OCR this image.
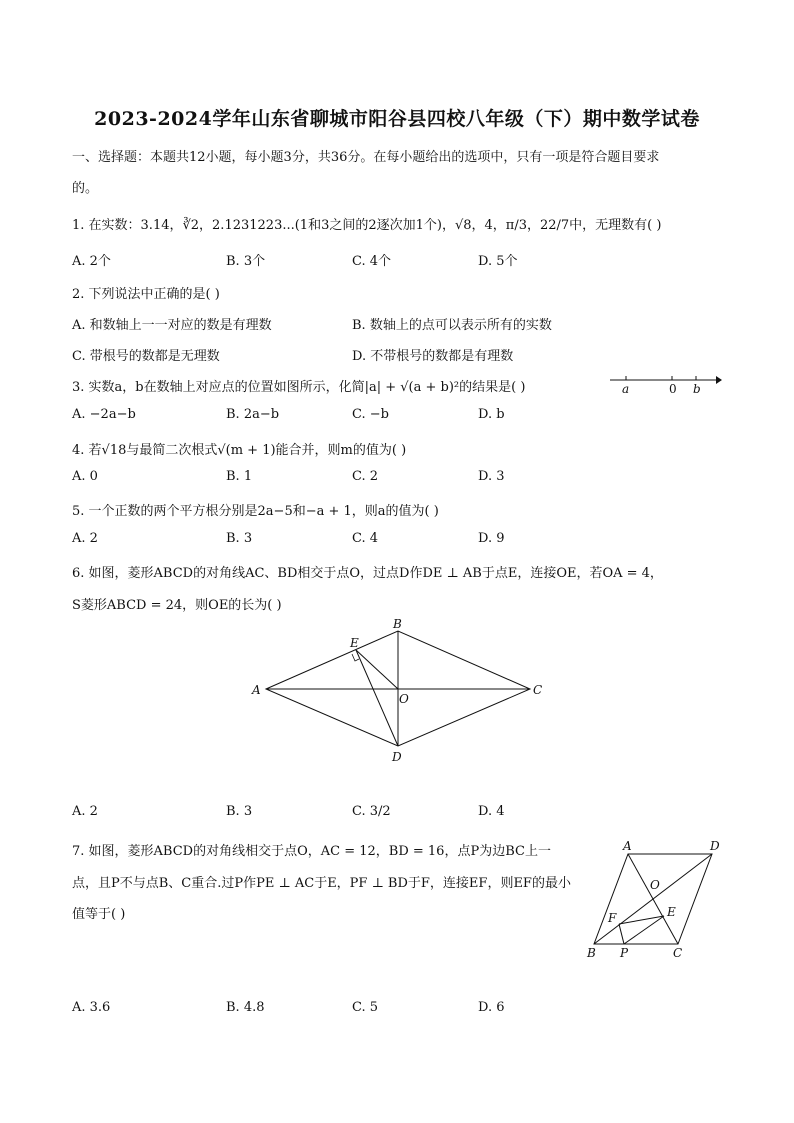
2023-2024学年山东省聊城市阳谷县四校八年级（下）期中数学试卷
一、选择题：本题共12小题，每小题3分，共36分。在每小题给出的选项中，只有一项是符合题目要求
的。
1. 在实数：3.14，∛2，2.1231223...(1和3之间的2逐次加1个)，√8，4，π/3，22/7中，无理数有( )
A. 2个	B. 3个	C. 4个	D. 5个
2. 下列说法中正确的是( )
A. 和数轴上一一对应的数是有理数	B. 数轴上的点可以表示所有的实数
C. 带根号的数都是无理数	D. 不带根号的数都是有理数
3. 实数a，b在数轴上对应点的位置如图所示，化简|a| + √(a + b)²的结果是( )	a	0 b
A. −2a−b	B. 2a−b	C. −b	D. b
4. 若√18与最简二次根式√(m + 1)能合并，则m的值为( )
A. 0	B. 1	C. 2	D. 3
5. 一个正数的两个平方根分别是2a−5和−a + 1，则a的值为( )
A. 2	B. 3	C. 4	D. 9
6. 如图，菱形ABCD的对角线AC、BD相交于点O，过点D作DE ⊥ AB于点E，连接OE，若OA = 4，
S菱形ABCD = 24，则OE的长为( )
A
B
C
D
E
O
A. 2	B. 3	C. 3/2	D. 4
7. 如图，菱形ABCD的对角线相交于点O，AC = 12，BD = 16，点P为边BC上一
点，且P不与点B、C重合.过P作PE ⊥ AC于E，PF ⊥ BD于F，连接EF，则EF的最小
值等于( )
A	D
O
F	E
B P	C
A. 3.6	B. 4.8	C. 5	D. 6
